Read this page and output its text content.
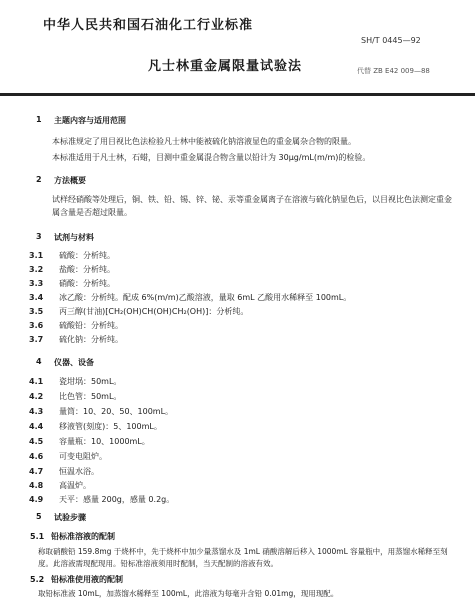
中华人民共和国石油化工行业标准
SH/T 0445—92
凡士林重金属限量试验法	代替 ZB E42 009—88
1 主题内容与适用范围
本标准规定了用目视比色法检验凡士林中能被硫化钠溶液显色的重金属杂合物的限量。
本标准适用于凡士林，石蜡，目测中重金属混合物含量以铅计为 30μg/mL(m/m)的检验。
2 方法概要
试样经硝酸等处理后，铜、铁、铅、锡、锌、铋、汞等重金属离子在溶液与硫化钠显色后，以目视比色法测定重金属含量是否超过限量。
3 试剂与材料
3.1 硫酸：分析纯。
3.2 盐酸：分析纯。
3.3 硝酸：分析纯。
3.4 冰乙酸：分析纯。配成 6%(m/m)乙酸溶液，量取 6mL 乙酸用水稀释至 100mL。
3.5 丙三醇(甘油)[CH₂(OH)CH(OH)CH₂(OH)]：分析纯。
3.6 硫酸铅：分析纯。
3.7 硫化钠：分析纯。
4 仪器、设备
4.1 瓷坩埚：50mL。
4.2 比色管：50mL。
4.3 量筒：10、20、50、100mL。
4.4 移液管(刻度)：5、100mL。
4.5 容量瓶：10、1000mL。
4.6 可变电阻炉。
4.7 恒温水浴。
4.8 高温炉。
4.9 天平：感量 200g，感量 0.2g。
5 试验步骤
5.1 铅标准溶液的配制
称取硝酸铅 159.8mg 于烧杯中，先于烧杯中加少量蒸馏水及 1mL 硝酸溶解后移入 1000mL 容量瓶中，用蒸馏水稀释至刻度。此溶液需现配现用。铅标准溶液须用时配制，当天配制的溶液有效。
5.2 铅标准使用液的配制
取铅标准液 10mL，加蒸馏水稀释至 100mL，此溶液为每毫升含铅 0.01mg，现用现配。
